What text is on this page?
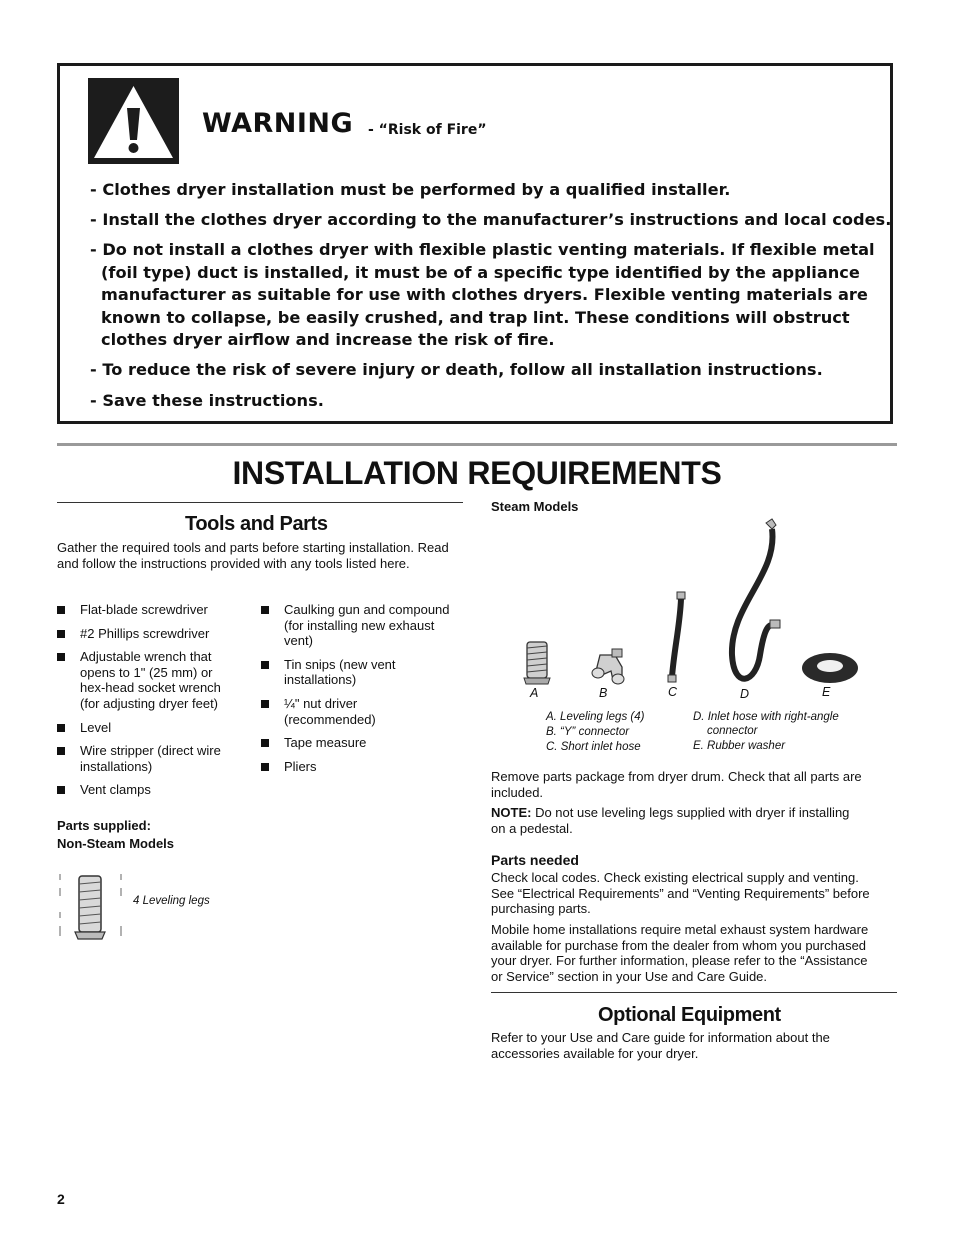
WARNING - “Risk of Fire”
- Clothes dryer installation must be performed by a qualified installer.
- Install the clothes dryer according to the manufacturer’s instructions and local codes.
- Do not install a clothes dryer with flexible plastic venting materials. If flexible metal
(foil type) duct is installed, it must be of a specific type identified by the appliance
manufacturer as suitable for use with clothes dryers. Flexible venting materials are
known to collapse, be easily crushed, and trap lint. These conditions will obstruct
clothes dryer airflow and increase the risk of fire.
- To reduce the risk of severe injury or death, follow all installation instructions.
- Save these instructions.
INSTALLATION REQUIREMENTS
Tools and Parts
Gather the required tools and parts before starting installation. Read
and follow the instructions provided with any tools listed here.
Flat-blade screwdriver
#2 Phillips screwdriver
Adjustable wrench that
opens to 1" (25 mm) or
hex-head socket wrench
(for adjusting dryer feet)
Level
Wire stripper (direct wire
installations)
Vent clamps
Caulking gun and compound
(for installing new exhaust
vent)
Tin snips (new vent
installations)
¼" nut driver
(recommended)
Tape measure
Pliers
Parts supplied:
Non-Steam Models
4 Leveling legs
Steam Models
A	B	C	D	E
A. Leveling legs (4)
B. “Y” connector
C. Short inlet hose
D. Inlet hose with right-angle
connector
E. Rubber washer
Remove parts package from dryer drum. Check that all parts are
included.
NOTE: Do not use leveling legs supplied with dryer if installing
on a pedestal.
Parts needed
Check local codes. Check existing electrical supply and venting.
See “Electrical Requirements” and “Venting Requirements” before
purchasing parts.
Mobile home installations require metal exhaust system hardware
available for purchase from the dealer from whom you purchased
your dryer. For further information, please refer to the “Assistance
or Service” section in your Use and Care Guide.
Optional Equipment
Refer to your Use and Care guide for information about the
accessories available for your dryer.
2
